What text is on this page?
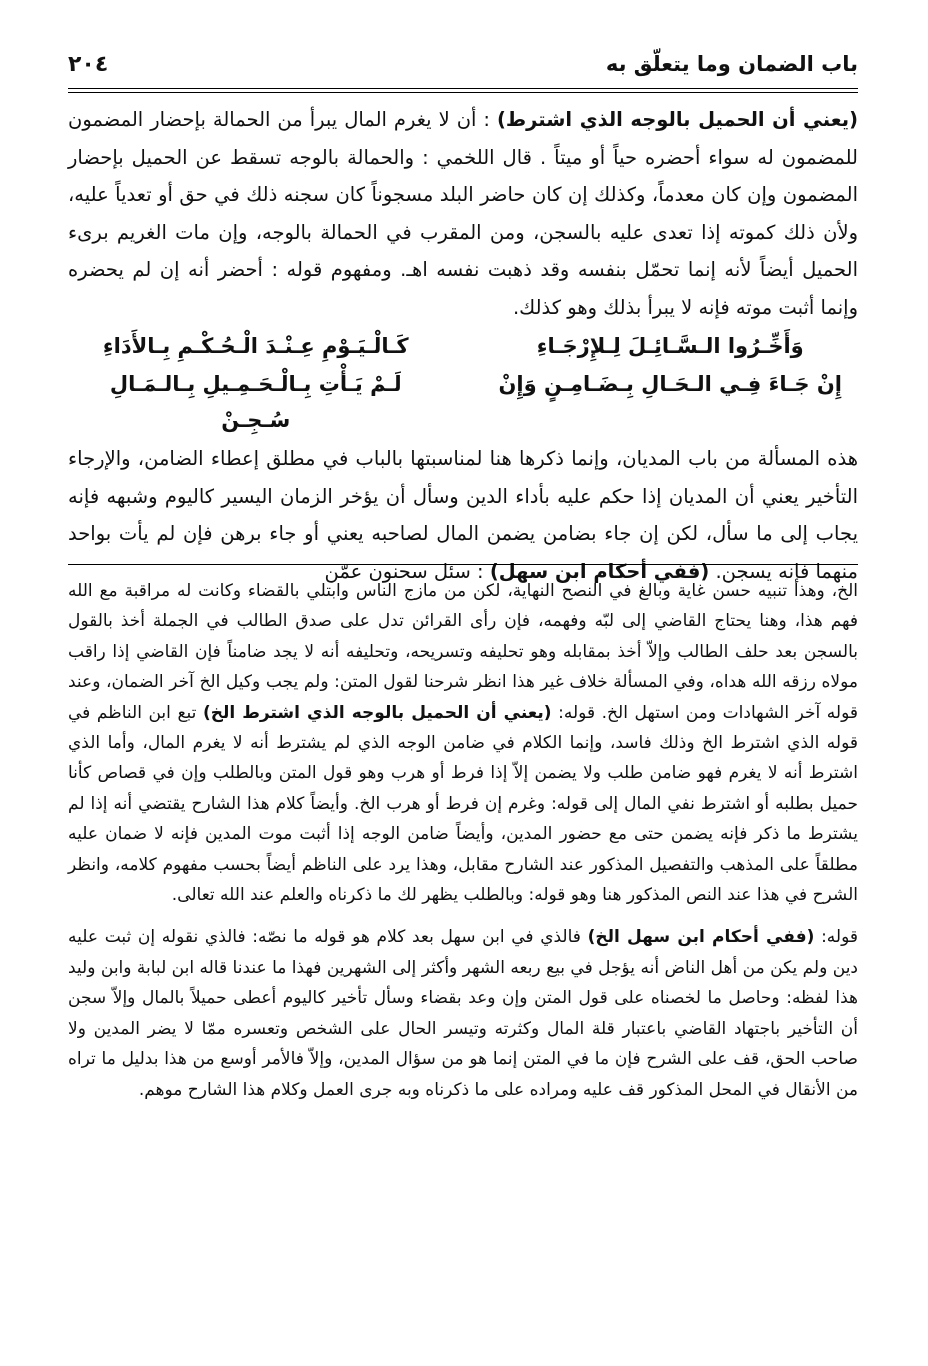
باب الضمان وما يتعلّق به
٢٠٤

(يعني أن الحميل بالوجه الذي اشترط) : أن لا يغرم المال يبرأ من الحمالة بإحضار المضمون للمضمون له سواء أحضره حياً أو ميتاً . قال اللخمي : والحمالة بالوجه تسقط عن الحميل بإحضار المضمون وإن كان معدماً، وكذلك إن كان حاضر البلد مسجوناً كان سجنه ذلك في حق أو تعدياً عليه، ولأن ذلك كموته إذا تعدى عليه بالسجن، ومن المقرب في الحمالة بالوجه، وإن مات الغريم برىء الحميل أيضاً لأنه إنما تحمّل بنفسه وقد ذهبت نفسه اهـ. ومفهوم قوله : أحضر أنه إن لم يحضره وإنما أثبت موته فإنه لا يبرأ بذلك وهو كذلك.

وَأَخِّـرُوا الـسَّـائِـلَ لِـلإِرْجَـاءِ
كَـالْـيَـوْمِ عِـنْـدَ الْـحُـكْـمِ بِـالأَدَاءِ
إِنْ جَـاءَ فِـي الـحَـالِ بِـضَـامِـنٍ وَإِنْ
لَـمْ يَـأْتِ بِـالْـحَـمِـيلِ بِـالـمَـالِ سُـجِـنْ

هذه المسألة من باب المديان، وإنما ذكرها هنا لمناسبتها بالباب في مطلق إعطاء الضامن، والإرجاء التأخير يعني أن المديان إذا حكم عليه بأداء الدين وسأل أن يؤخر الزمان اليسير كاليوم وشبهه فإنه يجاب إلى ما سأل، لكن إن جاء بضامن يضمن المال لصاحبه يعني أو جاء برهن فإن لم يأت بواحد منهما فإنه يسجن. (ففي أحكام ابن سهل) : سئل سحنون عمّن

الخ، وهذا تنبيه حسن غاية وبالغ في النصح النهاية، لكن من مازج الناس وابتلي بالقضاء وكانت له مراقبة مع الله فهم هذا، وهنا يحتاج القاضي إلى لبّه وفهمه، فإن رأى القرائن تدل على صدق الطالب في الجملة أخذ بالقول بالسجن بعد حلف الطالب وإلاّ أخذ بمقابله وهو تحليفه وتسريحه، وتحليفه أنه لا يجد ضامناً فإن القاضي إذا راقب مولاه رزقه الله هداه، وفي المسألة خلاف غير هذا انظر شرحنا لقول المتن: ولم يجب وكيل الخ آخر الضمان، وعند قوله آخر الشهادات ومن استهل الخ. قوله: (يعني أن الحميل بالوجه الذي اشترط الخ) تبع ابن الناظم في قوله الذي اشترط الخ وذلك فاسد، وإنما الكلام في ضامن الوجه الذي لم يشترط أنه لا يغرم المال، وأما الذي اشترط أنه لا يغرم فهو ضامن طلب ولا يضمن إلاّ إذا فرط أو هرب وهو قول المتن وبالطلب وإن في قصاص كأنا حميل بطلبه أو اشترط نفي المال إلى قوله: وغرم إن فرط أو هرب الخ. وأيضاً كلام هذا الشارح يقتضي أنه إذا لم يشترط ما ذكر فإنه يضمن حتى مع حضور المدين، وأيضاً ضامن الوجه إذا أثبت موت المدين فإنه لا ضمان عليه مطلقاً على المذهب والتفصيل المذكور عند الشارح مقابل، وهذا يرد على الناظم أيضاً بحسب مفهوم كلامه، وانظر الشرح في هذا عند النص المذكور هنا وهو قوله: وبالطلب يظهر لك ما ذكرناه والعلم عند الله تعالى.

قوله: (ففي أحكام ابن سهل الخ) فالذي في ابن سهل بعد كلام هو قوله ما نصّه: فالذي نقوله إن ثبت عليه دين ولم يكن من أهل الناض أنه يؤجل في بيع ربعه الشهر وأكثر إلى الشهرين فهذا ما عندنا قاله ابن لبابة وابن وليد هذا لفظه: وحاصل ما لخصناه على قول المتن وإن وعد بقضاء وسأل تأخير كاليوم أعطى حميلاً بالمال وإلاّ سجن أن التأخير باجتهاد القاضي باعتبار قلة المال وكثرته وتيسر الحال على الشخص وتعسره ممّا لا يضر المدين ولا صاحب الحق، قف على الشرح فإن ما في المتن إنما هو من سؤال المدين، وإلاّ فالأمر أوسع من هذا بدليل ما تراه من الأنقال في المحل المذكور قف عليه ومراده على ما ذكرناه وبه جرى العمل وكلام هذا الشارح موهم.
